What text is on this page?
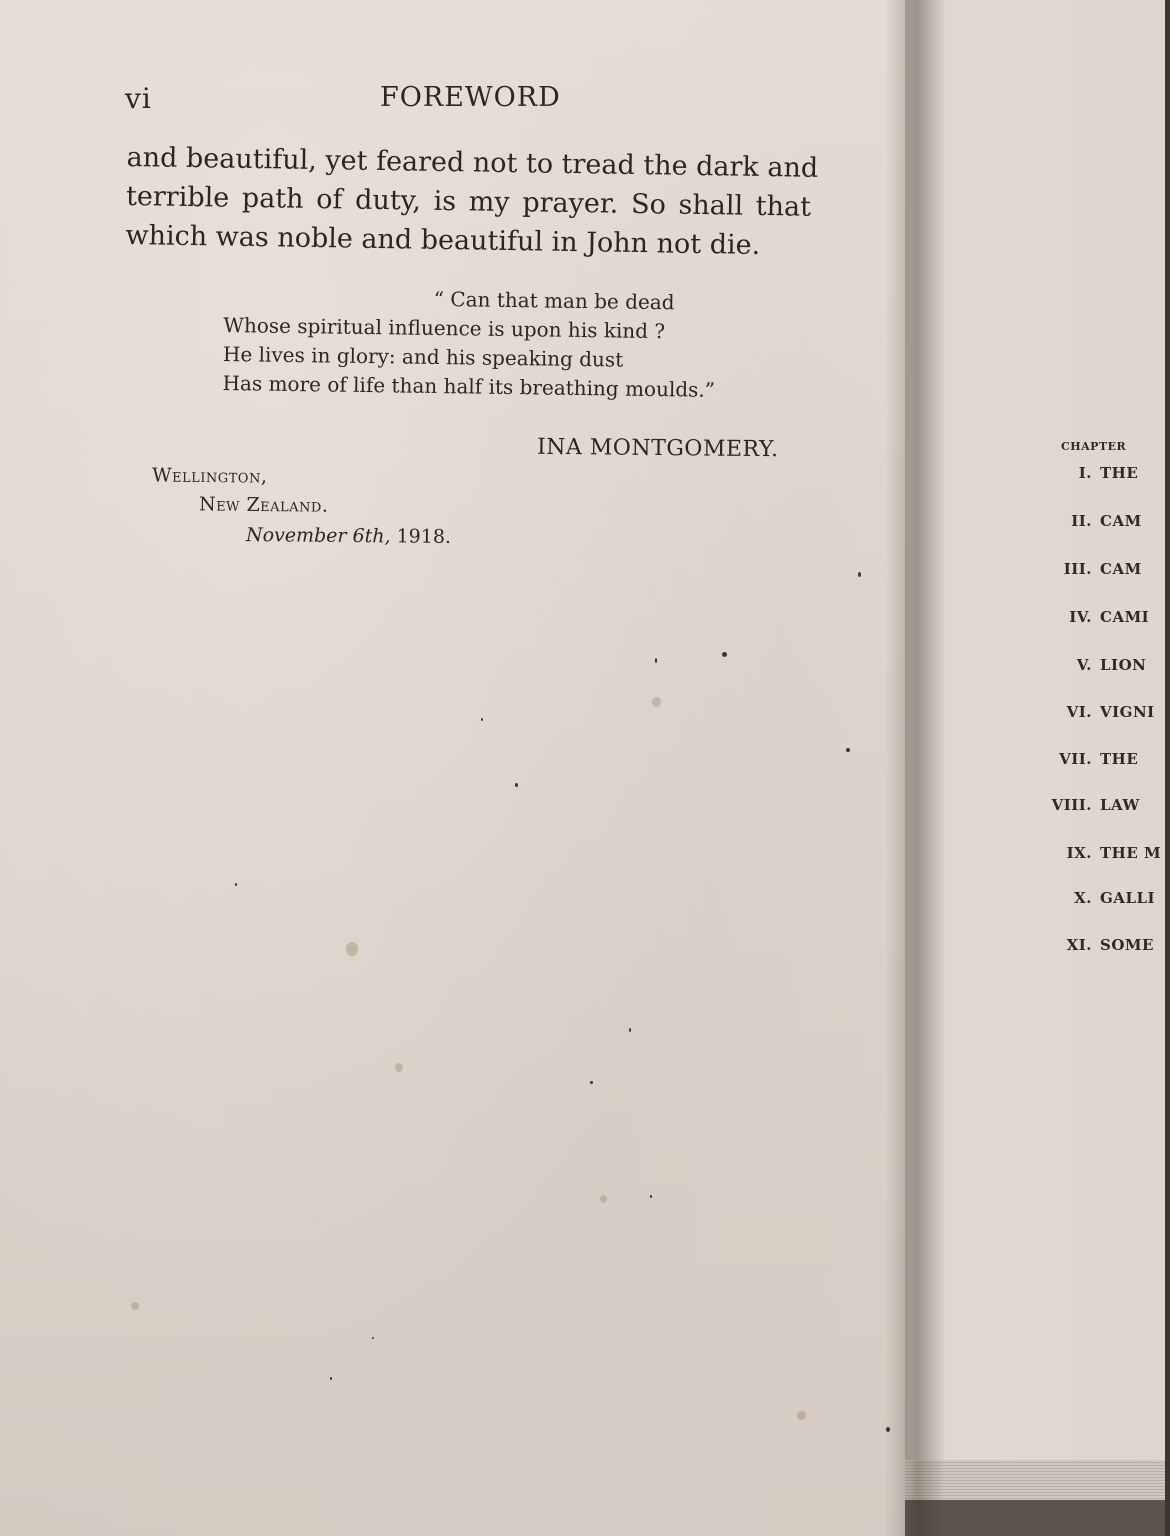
CHAPTER
I. THE
II. CAM
III. CAM
IV. CAMI
V. LION
VI. VIGNI
VII. THE
VIII. LAW
IX. THE M
X. GALLI
XI. SOME
vi	FOREWORD
and beautiful, yet feared not to tread the dark and
terrible path of duty, is my prayer. So shall that
which was noble and beautiful in John not die.
“ Can that man be dead
Whose spiritual influence is upon his kind ?
He lives in glory: and his speaking dust
Has more of life than half its breathing moulds.”
INA MONTGOMERY.
Wellington,
New Zealand.
November 6th, 1918.
